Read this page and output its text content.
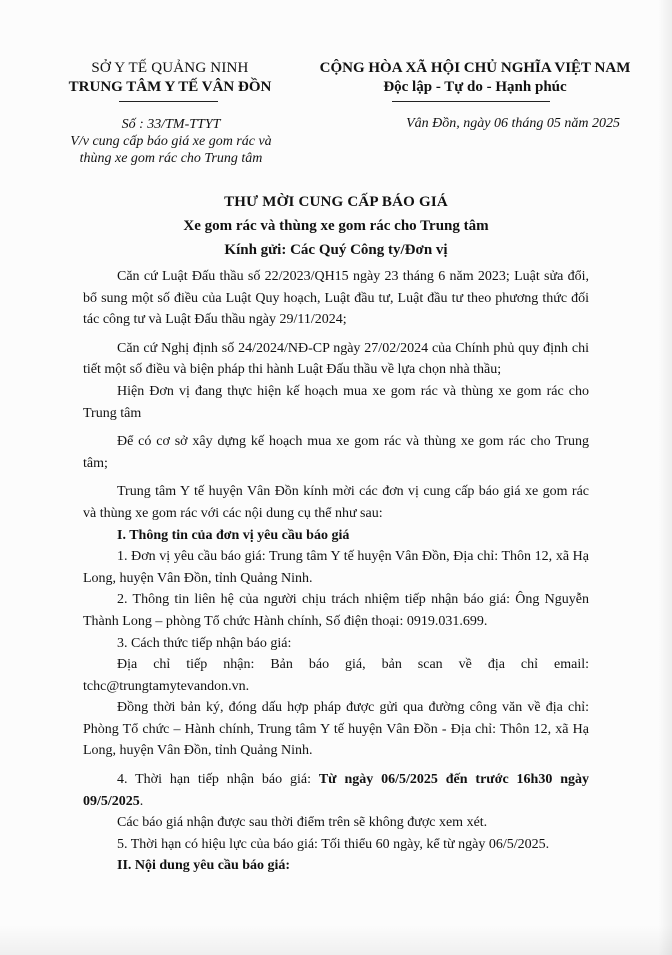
SỞ Y TẾ QUẢNG NINH
TRUNG TÂM Y TẾ VÂN ĐỒN
CỘNG HÒA XÃ HỘI CHỦ NGHĨA VIỆT NAM
Độc lập - Tự do - Hạnh phúc
Số : 33/TM-TTYT
V/v cung cấp báo giá xe gom rác và
thùng xe gom rác cho Trung tâm
Vân Đồn, ngày 06 tháng 05 năm 2025
THƯ MỜI CUNG CẤP BÁO GIÁ
Xe gom rác và thùng xe gom rác cho Trung tâm
Kính gửi: Các Quý Công ty/Đơn vị

Căn cứ Luật Đấu thầu số 22/2023/QH15 ngày 23 tháng 6 năm 2023; Luật sửa đổi, bổ sung một số điều của Luật Quy hoạch, Luật đầu tư, Luật đầu tư theo phương thức đối tác công tư và Luật Đấu thầu ngày 29/11/2024;

Căn cứ Nghị định số 24/2024/NĐ-CP ngày 27/02/2024 của Chính phủ quy định chi tiết một số điều và biện pháp thi hành Luật Đấu thầu về lựa chọn nhà thầu;

Hiện Đơn vị đang thực hiện kế hoạch mua xe gom rác và thùng xe gom rác cho Trung tâm

Để có cơ sở xây dựng kế hoạch mua xe gom rác và thùng xe gom rác cho Trung tâm;

Trung tâm Y tế huyện Vân Đồn kính mời các đơn vị cung cấp báo giá xe gom rác và thùng xe gom rác với các nội dung cụ thể như sau:

I. Thông tin của đơn vị yêu cầu báo giá

1. Đơn vị yêu cầu báo giá: Trung tâm Y tế huyện Vân Đồn, Địa chỉ: Thôn 12, xã Hạ Long, huyện Vân Đồn, tỉnh Quảng Ninh.

2. Thông tin liên hệ của người chịu trách nhiệm tiếp nhận báo giá: Ông Nguyễn Thành Long – phòng Tổ chức Hành chính, Số điện thoại: 0919.031.699.

3. Cách thức tiếp nhận báo giá:

Địa chỉ tiếp nhận: Bản báo giá, bản scan về địa chỉ email: tchc@trungtamytevandon.vn.

Đồng thời bản ký, đóng dấu hợp pháp được gửi qua đường công văn về địa chỉ: Phòng Tổ chức – Hành chính, Trung tâm Y tế huyện Vân Đồn - Địa chỉ: Thôn 12, xã Hạ Long, huyện Vân Đồn, tỉnh Quảng Ninh.

4. Thời hạn tiếp nhận báo giá: Từ ngày 06/5/2025 đến trước 16h30 ngày 09/5/2025.

Các báo giá nhận được sau thời điểm trên sẽ không được xem xét.

5. Thời hạn có hiệu lực của báo giá: Tối thiểu 60 ngày, kể từ ngày 06/5/2025.

II. Nội dung yêu cầu báo giá:
